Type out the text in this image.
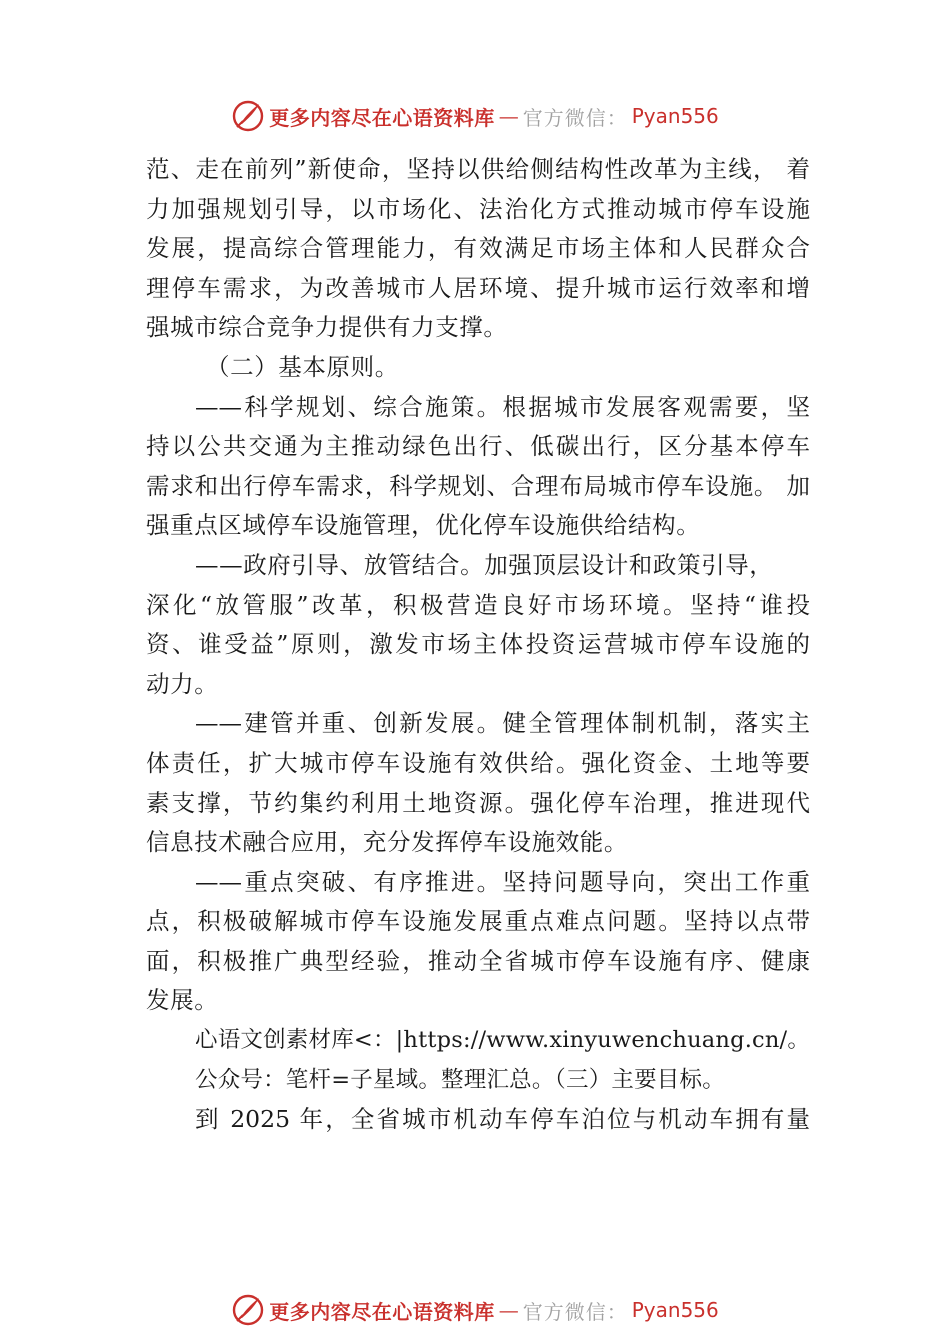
更多内容尽在心语资料库 — 官方微信： Pyan556
范、走在前列”新使命，坚持以供给侧结构性改革为主线， 着
力加强规划引导，以市场化、法治化方式推动城市停车设施
发展，提高综合管理能力，有效满足市场主体和人民群众合
理停车需求，为改善城市人居环境、提升城市运行效率和增
强城市综合竞争力提供有力支撑。
（二）基本原则。
——科学规划、综合施策。根据城市发展客观需要，坚
持以公共交通为主推动绿色出行、低碳出行，区分基本停车
需求和出行停车需求，科学规划、合理布局城市停车设施。 加
强重点区域停车设施管理，优化停车设施供给结构。
——政府引导、放管结合。加强顶层设计和政策引导，
深化“放管服”改革，积极营造良好市场环境。坚持“谁投
资、谁受益”原则，激发市场主体投资运营城市停车设施的
动力。
——建管并重、创新发展。健全管理体制机制，落实主
体责任，扩大城市停车设施有效供给。强化资金、土地等要
素支撑，节约集约利用土地资源。强化停车治理，推进现代
信息技术融合应用，充分发挥停车设施效能。
——重点突破、有序推进。坚持问题导向，突出工作重
点，积极破解城市停车设施发展重点难点问题。坚持以点带
面，积极推广典型经验，推动全省城市停车设施有序、健康
发展。
心语文创素材库<：|https://www.xinyuwenchuang.cn/。
公众号：笔杆=子星域。整理汇总。（三）主要目标。
到 2025 年，全省城市机动车停车泊位与机动车拥有量
更多内容尽在心语资料库 — 官方微信： Pyan556
